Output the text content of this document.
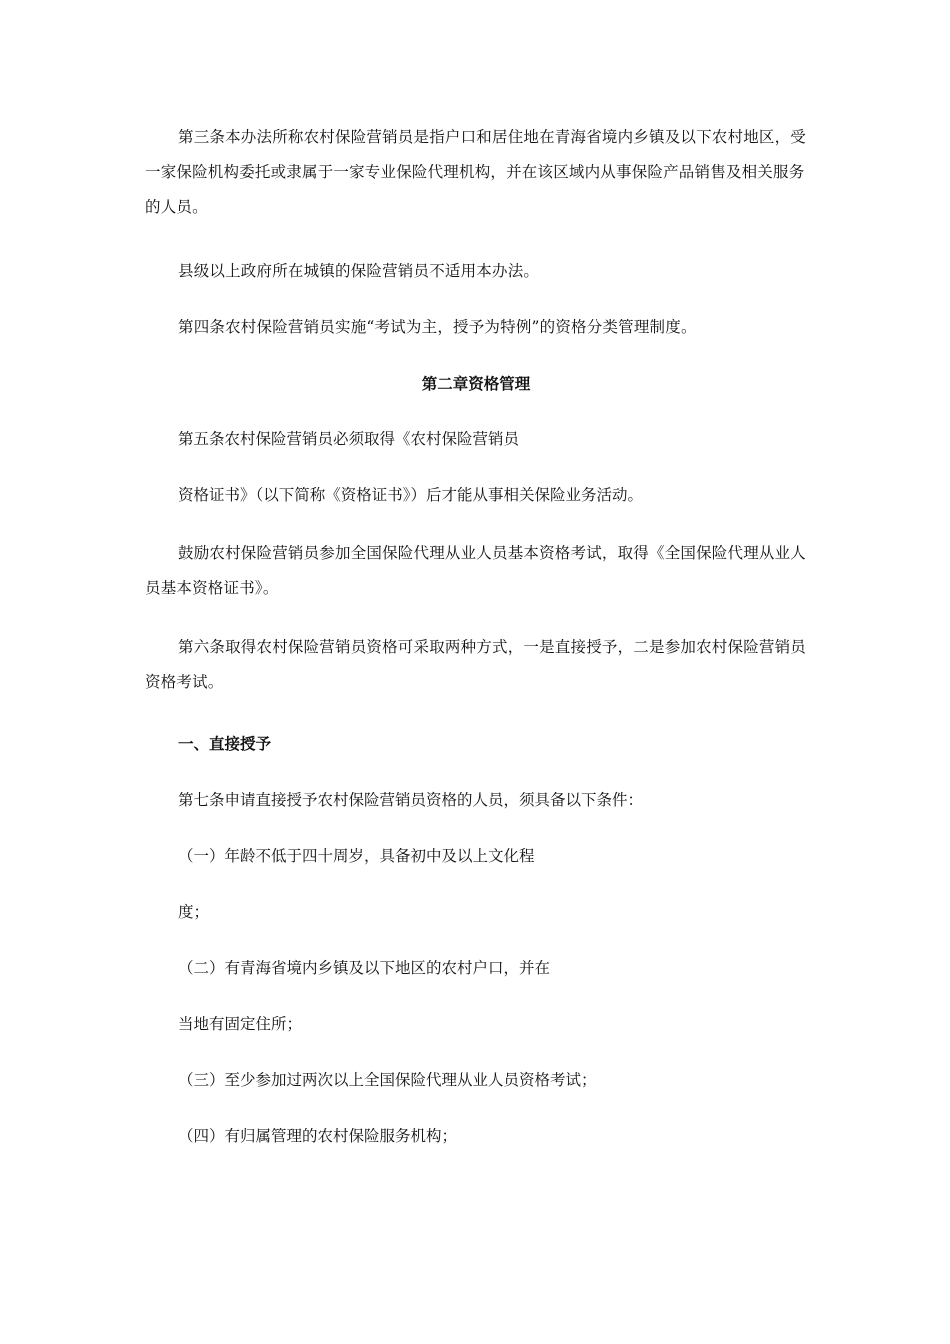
第三条本办法所称农村保险营销员是指户口和居住地在青海省境内乡镇及以下农村地区，受一家保险机构委托或隶属于一家专业保险代理机构，并在该区域内从事保险产品销售及相关服务的人员。

县级以上政府所在城镇的保险营销员不适用本办法。

第四条农村保险营销员实施“考试为主，授予为特例”的资格分类管理制度。

第二章资格管理

第五条农村保险营销员必须取得《农村保险营销员

资格证书》（以下简称《资格证书》）后才能从事相关保险业务活动。

鼓励农村保险营销员参加全国保险代理从业人员基本资格考试，取得《全国保险代理从业人员基本资格证书》。

第六条取得农村保险营销员资格可采取两种方式，一是直接授予，二是参加农村保险营销员资格考试。

一、直接授予

第七条申请直接授予农村保险营销员资格的人员，须具备以下条件：

（一）年龄不低于四十周岁，具备初中及以上文化程

度；

（二）有青海省境内乡镇及以下地区的农村户口，并在

当地有固定住所；

（三）至少参加过两次以上全国保险代理从业人员资格考试；

（四）有归属管理的农村保险服务机构；
